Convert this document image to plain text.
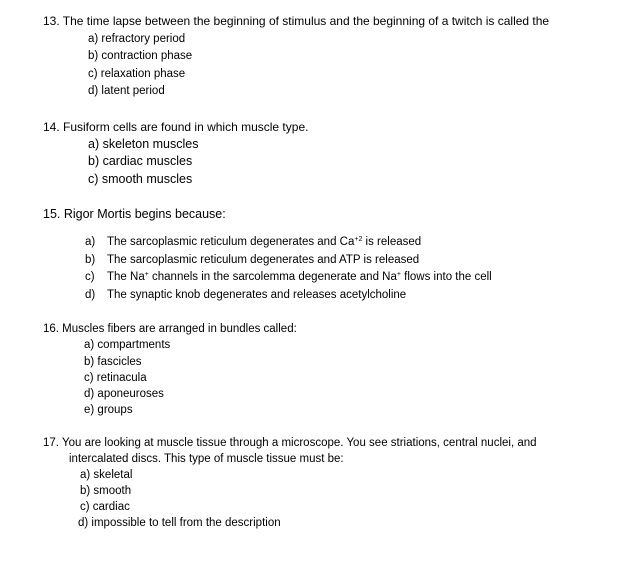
13. The time lapse between the beginning of stimulus and the beginning of a twitch is called the
a) refractory period
b) contraction phase
c) relaxation phase
d) latent period
14. Fusiform cells are found in which muscle type.
a) skeleton muscles
b) cardiac muscles
c) smooth muscles
15. Rigor Mortis begins because:
a) The sarcoplasmic reticulum degenerates and $Ca^{+2}$ is released
b) The sarcoplasmic reticulum degenerates and ATP is released
c) The Na+ channels in the sarcolemma degenerate and Na+ flows into the cell
d) The synaptic knob degenerates and releases acetylcholine
16. Muscles fibers are arranged in bundles called:
a) compartments
b) fascicles
c) retinacula
d) aponeuroses
e) groups
17. You are looking at muscle tissue through a microscope. You see striations, central nuclei, and
intercalated discs. This type of muscle tissue must be:
a) skeletal
b) smooth
c) cardiac
d) impossible to tell from the description
